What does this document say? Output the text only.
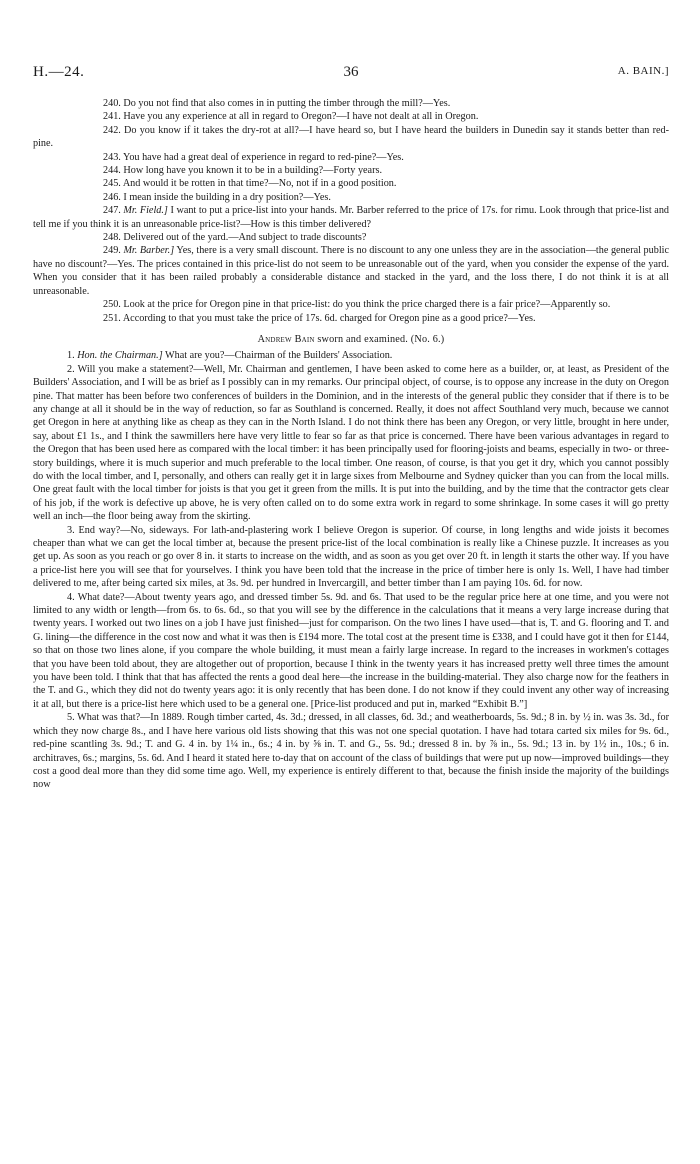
H.—24.	36	A. BAIN.]

240. Do you not find that also comes in in putting the timber through the mill?—Yes.

241. Have you any experience at all in regard to Oregon?—I have not dealt at all in Oregon.

242. Do you know if it takes the dry-rot at all?—I have heard so, but I have heard the builders in Dunedin say it stands better than red-pine.

243. You have had a great deal of experience in regard to red-pine?—Yes.

244. How long have you known it to be in a building?—Forty years.

245. And would it be rotten in that time?—No, not if in a good position.

246. I mean inside the building in a dry position?—Yes.

247. Mr. Field.] I want to put a price-list into your hands. Mr. Barber referred to the price of 17s. for rimu. Look through that price-list and tell me if you think it is an unreasonable price-list?—How is this timber delivered?

248. Delivered out of the yard.—And subject to trade discounts?

249. Mr. Barber.] Yes, there is a very small discount. There is no discount to any one unless they are in the association—the general public have no discount?—Yes. The prices contained in this price-list do not seem to be unreasonable out of the yard, when you consider the expense of the yard. When you consider that it has been railed probably a considerable distance and stacked in the yard, and the loss there, I do not think it is at all unreasonable.

250. Look at the price for Oregon pine in that price-list: do you think the price charged there is a fair price?—Apparently so.

251. According to that you must take the price of 17s. 6d. charged for Oregon pine as a good price?—Yes.

Andrew Bain sworn and examined. (No. 6.)

1. Hon. the Chairman.] What are you?—Chairman of the Builders' Association.

2. Will you make a statement?—Well, Mr. Chairman and gentlemen, I have been asked to come here as a builder, or, at least, as President of the Builders' Association, and I will be as brief as I possibly can in my remarks. Our principal object, of course, is to oppose any increase in the duty on Oregon pine. That matter has been before two conferences of builders in the Dominion, and in the interests of the general public they consider that if there is to be any change at all it should be in the way of reduction, so far as Southland is concerned. Really, it does not affect Southland very much, because we cannot get Oregon in here at anything like as cheap as they can in the North Island. I do not think there has been any Oregon, or very little, brought in here under, say, about £1 1s., and I think the sawmillers here have very little to fear so far as that price is concerned. There have been various advantages in regard to the Oregon that has been used here as compared with the local timber: it has been principally used for flooring-joists and beams, especially in two- or three-story buildings, where it is much superior and much preferable to the local timber. One reason, of course, is that you get it dry, which you cannot possibly do with the local timber, and I, personally, and others can really get it in large sixes from Melbourne and Sydney quicker than you can from the local mills. One great fault with the local timber for joists is that you get it green from the mills. It is put into the building, and by the time that the contractor gets clear of his job, if the work is defective up above, he is very often called on to do some extra work in regard to some shrinkage. In some cases it will go pretty well an inch—the floor being away from the skirting.

3. End way?—No, sideways. For lath-and-plastering work I believe Oregon is superior. Of course, in long lengths and wide joists it becomes cheaper than what we can get the local timber at, because the present price-list of the local combination is really like a Chinese puzzle. It increases as you get up. As soon as you reach or go over 8 in. it starts to increase on the width, and as soon as you get over 20 ft. in length it starts the other way. If you have a price-list here you will see that for yourselves. I think you have been told that the increase in the price of timber here is only 1s. Well, I have had timber delivered to me, after being carted six miles, at 3s. 9d. per hundred in Invercargill, and better timber than I am paying 10s. 6d. for now.

4. What date?—About twenty years ago, and dressed timber 5s. 9d. and 6s. That used to be the regular price here at one time, and you were not limited to any width or length—from 6s. to 6s. 6d., so that you will see by the difference in the calculations that it means a very large increase during that twenty years. I worked out two lines on a job I have just finished—just for comparison. On the two lines I have used—that is, T. and G. flooring and T. and G. lining—the difference in the cost now and what it was then is £194 more. The total cost at the present time is £338, and I could have got it then for £144, so that on those two lines alone, if you compare the whole building, it must mean a fairly large increase. In regard to the increases in workmen's cottages that you have been told about, they are altogether out of proportion, because I think in the twenty years it has increased pretty well three times the amount you have been told. I think that that has affected the rents a good deal here—the increase in the building-material. They also charge now for the feathers in the T. and G., which they did not do twenty years ago: it is only recently that has been done. I do not know if they could invent any other way of increasing it at all, but there is a price-list here which used to be a general one. [Price-list produced and put in, marked “Exhibit B.”]

5. What was that?—In 1889. Rough timber carted, 4s. 3d.; dressed, in all classes, 6d. 3d.; and weatherboards, 5s. 9d.; 8 in. by ½ in. was 3s. 3d., for which they now charge 8s., and I have here various old lists showing that this was not one special quotation. I have had totara carted six miles for 9s. 6d., red-pine scantling 3s. 9d.; T. and G. 4 in. by 1¼ in., 6s.; 4 in. by ⅝ in. T. and G., 5s. 9d.; dressed 8 in. by ⅞ in., 5s. 9d.; 13 in. by 1½ in., 10s.; 6 in. architraves, 6s.; margins, 5s. 6d. And I heard it stated here to-day that on account of the class of buildings that were put up now—improved buildings—they cost a good deal more than they did some time ago. Well, my experience is entirely different to that, because the finish inside the majority of the buildings now
